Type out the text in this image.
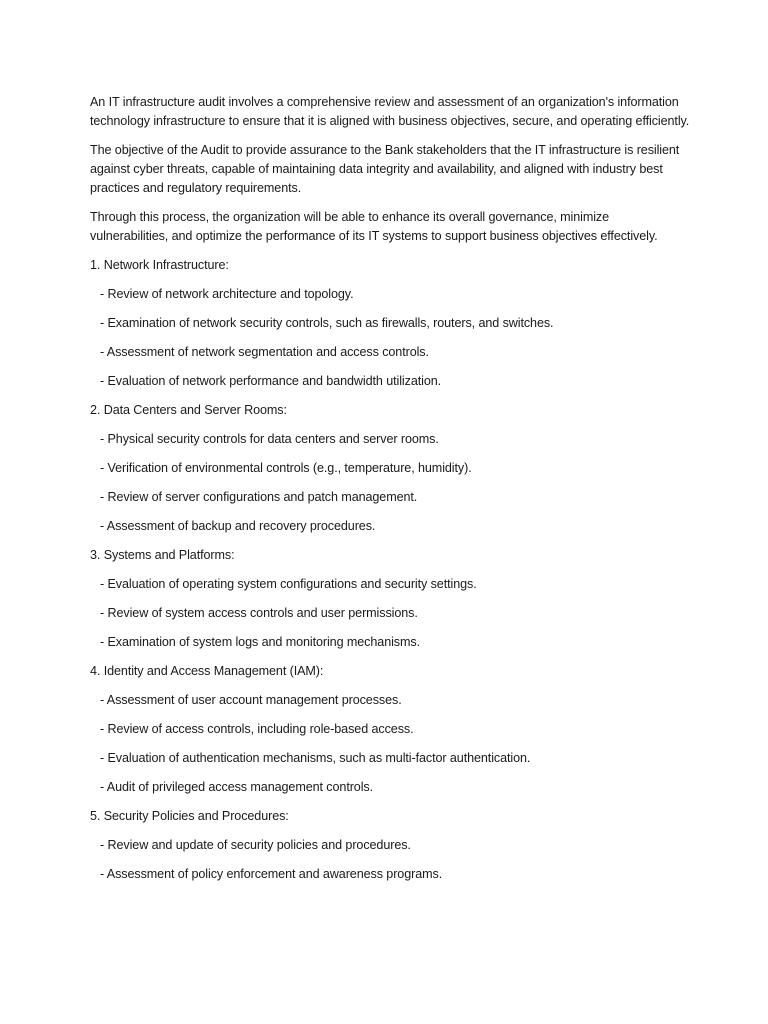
An IT infrastructure audit involves a comprehensive review and assessment of an organization's information technology infrastructure to ensure that it is aligned with business objectives, secure, and operating efficiently.

The objective of the Audit to provide assurance to the Bank stakeholders that the IT infrastructure is resilient against cyber threats, capable of maintaining data integrity and availability, and aligned with industry best practices and regulatory requirements.

Through this process, the organization will be able to enhance its overall governance, minimize vulnerabilities, and optimize the performance of its IT systems to support business objectives effectively.

1. Network Infrastructure:
- Review of network architecture and topology.
- Examination of network security controls, such as firewalls, routers, and switches.
- Assessment of network segmentation and access controls.
- Evaluation of network performance and bandwidth utilization.
2. Data Centers and Server Rooms:
- Physical security controls for data centers and server rooms.
- Verification of environmental controls (e.g., temperature, humidity).
- Review of server configurations and patch management.
- Assessment of backup and recovery procedures.
3. Systems and Platforms:
- Evaluation of operating system configurations and security settings.
- Review of system access controls and user permissions.
- Examination of system logs and monitoring mechanisms.
4. Identity and Access Management (IAM):
- Assessment of user account management processes.
- Review of access controls, including role-based access.
- Evaluation of authentication mechanisms, such as multi-factor authentication.
- Audit of privileged access management controls.
5. Security Policies and Procedures:
- Review and update of security policies and procedures.
- Assessment of policy enforcement and awareness programs.
